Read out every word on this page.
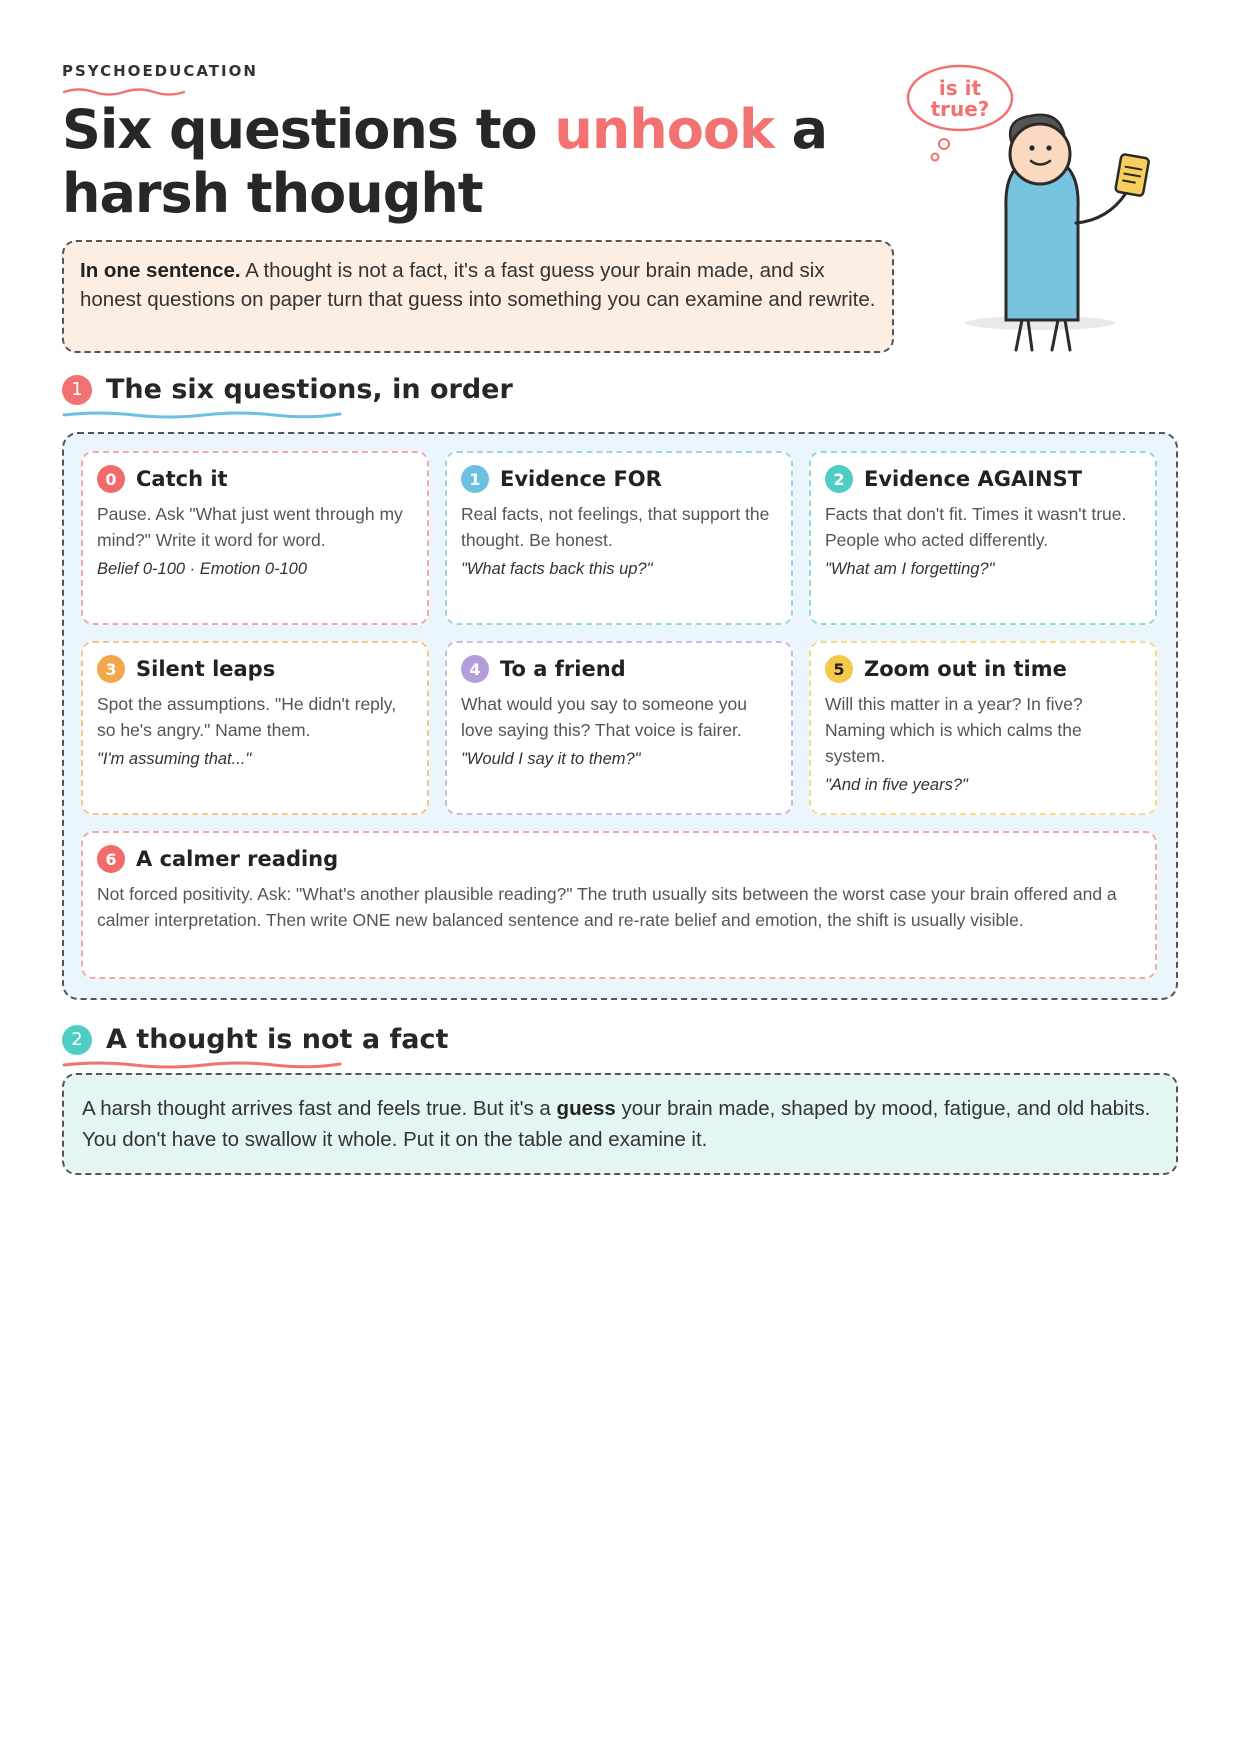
PSYCHOEDUCATION
Six questions to unhook a harsh thought
In one sentence. A thought is not a fact, it's a fast guess your brain made, and six honest questions on paper turn that guess into something you can examine and rewrite.
is it
true?
1 The six questions, in order
0 Catch it
Pause. Ask "What just went through my mind?" Write it word for word.
Belief 0-100 · Emotion 0-100
1 Evidence FOR
Real facts, not feelings, that support the thought. Be honest.
"What facts back this up?"
2 Evidence AGAINST
Facts that don't fit. Times it wasn't true. People who acted differently.
"What am I forgetting?"
3 Silent leaps
Spot the assumptions. "He didn't reply, so he's angry." Name them.
"I'm assuming that..."
4 To a friend
What would you say to someone you love saying this? That voice is fairer.
"Would I say it to them?"
5 Zoom out in time
Will this matter in a year? In five? Naming which is which calms the system.
"And in five years?"
6 A calmer reading
Not forced positivity. Ask: "What's another plausible reading?" The truth usually sits between the worst case your brain offered and a calmer interpretation. Then write ONE new balanced sentence and re-rate belief and emotion, the shift is usually visible.
2 A thought is not a fact
A harsh thought arrives fast and feels true. But it's a guess your brain made, shaped by mood, fatigue, and old habits. You don't have to swallow it whole. Put it on the table and examine it.
